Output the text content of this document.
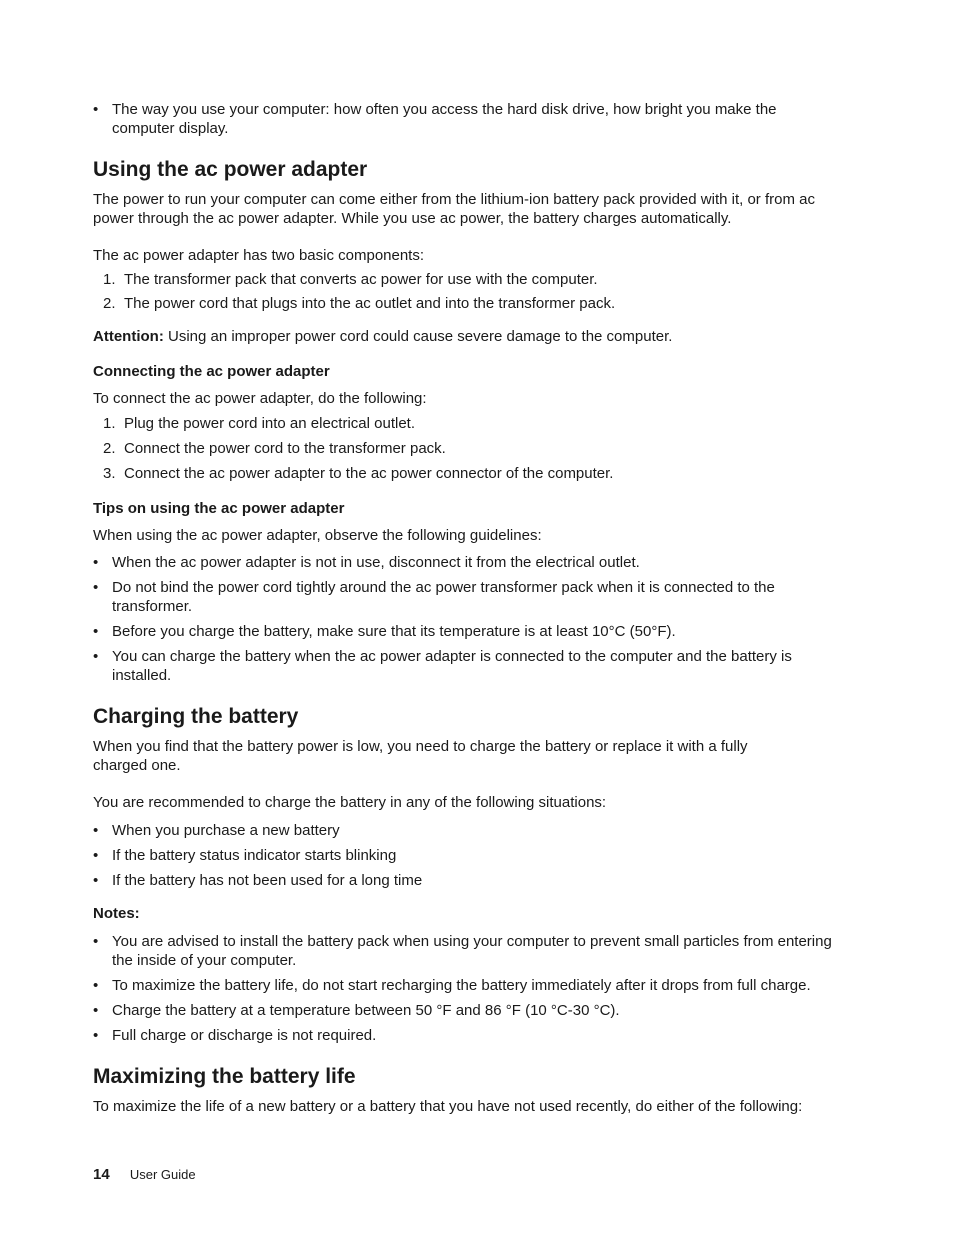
• The way you use your computer: how often you access the hard disk drive, how bright you make the computer display.
Using the ac power adapter

The power to run your computer can come either from the lithium-ion battery pack provided with it, or from ac power through the ac power adapter. While you use ac power, the battery charges automatically.

The ac power adapter has two basic components:

1. The transformer pack that converts ac power for use with the computer.
2. The power cord that plugs into the ac outlet and into the transformer pack.

Attention: Using an improper power cord could cause severe damage to the computer.

Connecting the ac power adapter

To connect the ac power adapter, do the following:

1. Plug the power cord into an electrical outlet.
2. Connect the power cord to the transformer pack.
3. Connect the ac power adapter to the ac power connector of the computer.
Tips on using the ac power adapter

When using the ac power adapter, observe the following guidelines:

• When the ac power adapter is not in use, disconnect it from the electrical outlet.
• Do not bind the power cord tightly around the ac power transformer pack when it is connected to the transformer.
• Before you charge the battery, make sure that its temperature is at least 10°C (50°F).
• You can charge the battery when the ac power adapter is connected to the computer and the battery is installed.
Charging the battery

When you find that the battery power is low, you need to charge the battery or replace it with a fully charged one.

You are recommended to charge the battery in any of the following situations:

• When you purchase a new battery
• If the battery status indicator starts blinking
• If the battery has not been used for a long time
Notes:
• You are advised to install the battery pack when using your computer to prevent small particles from entering the inside of your computer.
• To maximize the battery life, do not start recharging the battery immediately after it drops from full charge.
• Charge the battery at a temperature between 50 °F and 86 °F (10 °C-30 °C).
• Full charge or discharge is not required.
Maximizing the battery life

To maximize the life of a new battery or a battery that you have not used recently, do either of the following:

14 User Guide
